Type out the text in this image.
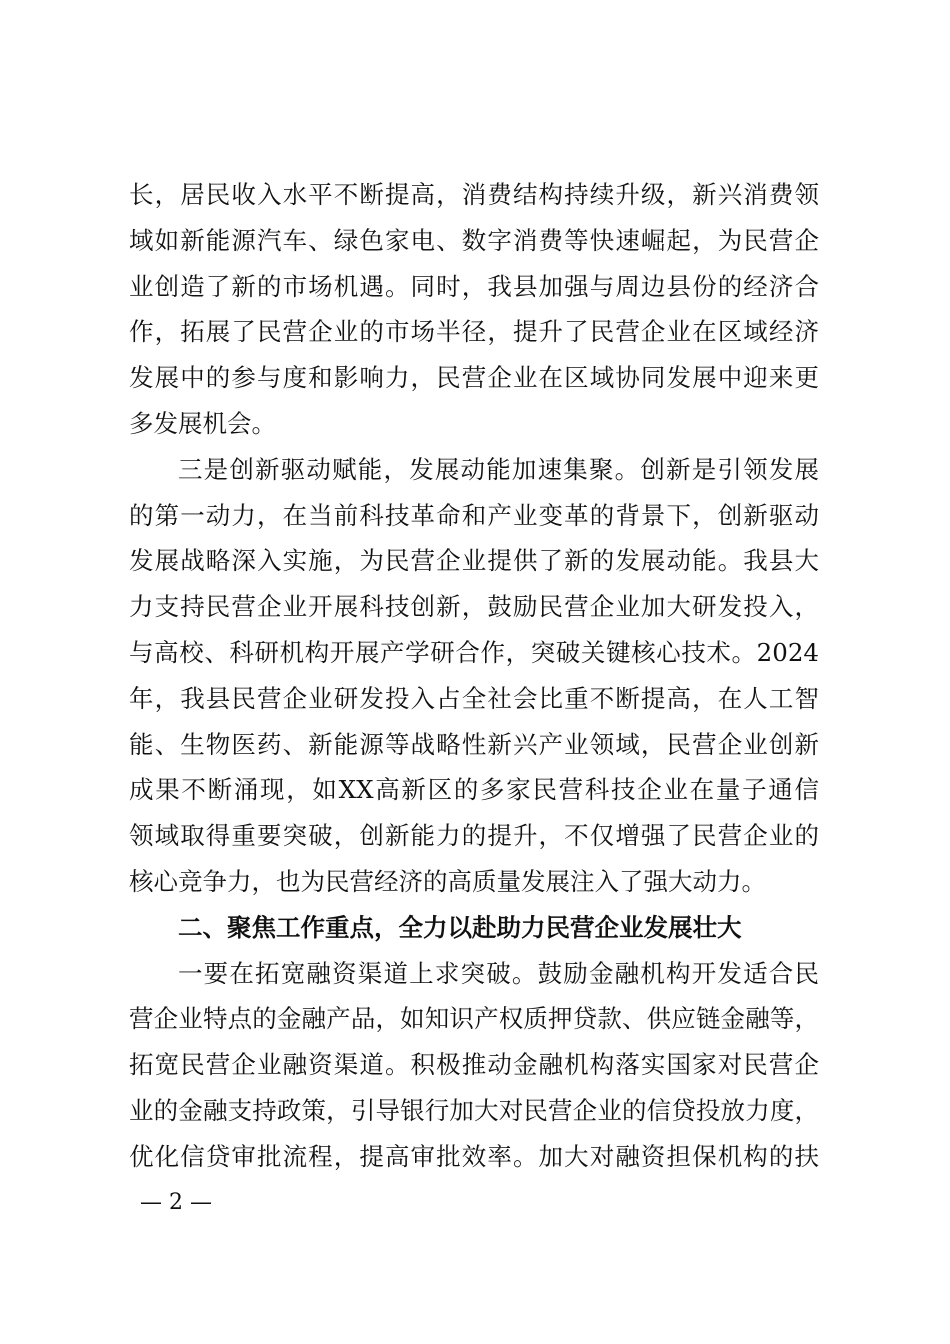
长，居民收入水平不断提高，消费结构持续升级，新兴消费领
域如新能源汽车、绿色家电、数字消费等快速崛起，为民营企
业创造了新的市场机遇。同时，我县加强与周边县份的经济合
作，拓展了民营企业的市场半径，提升了民营企业在区域经济
发展中的参与度和影响力，民营企业在区域协同发展中迎来更
多发展机会。
三是创新驱动赋能，发展动能加速集聚。创新是引领发展
的第一动力，在当前科技革命和产业变革的背景下，创新驱动
发展战略深入实施，为民营企业提供了新的发展动能。我县大
力支持民营企业开展科技创新，鼓励民营企业加大研发投入，
与高校、科研机构开展产学研合作，突破关键核心技术。2024
年，我县民营企业研发投入占全社会比重不断提高，在人工智
能、生物医药、新能源等战略性新兴产业领域，民营企业创新
成果不断涌现，如XX高新区的多家民营科技企业在量子通信
领域取得重要突破，创新能力的提升，不仅增强了民营企业的
核心竞争力，也为民营经济的高质量发展注入了强大动力。
二、聚焦工作重点，全力以赴助力民营企业发展壮大
一要在拓宽融资渠道上求突破。鼓励金融机构开发适合民
营企业特点的金融产品，如知识产权质押贷款、供应链金融等，
拓宽民营企业融资渠道。积极推动金融机构落实国家对民营企
业的金融支持政策，引导银行加大对民营企业的信贷投放力度，
优化信贷审批流程，提高审批效率。加大对融资担保机构的扶
— 2 —
